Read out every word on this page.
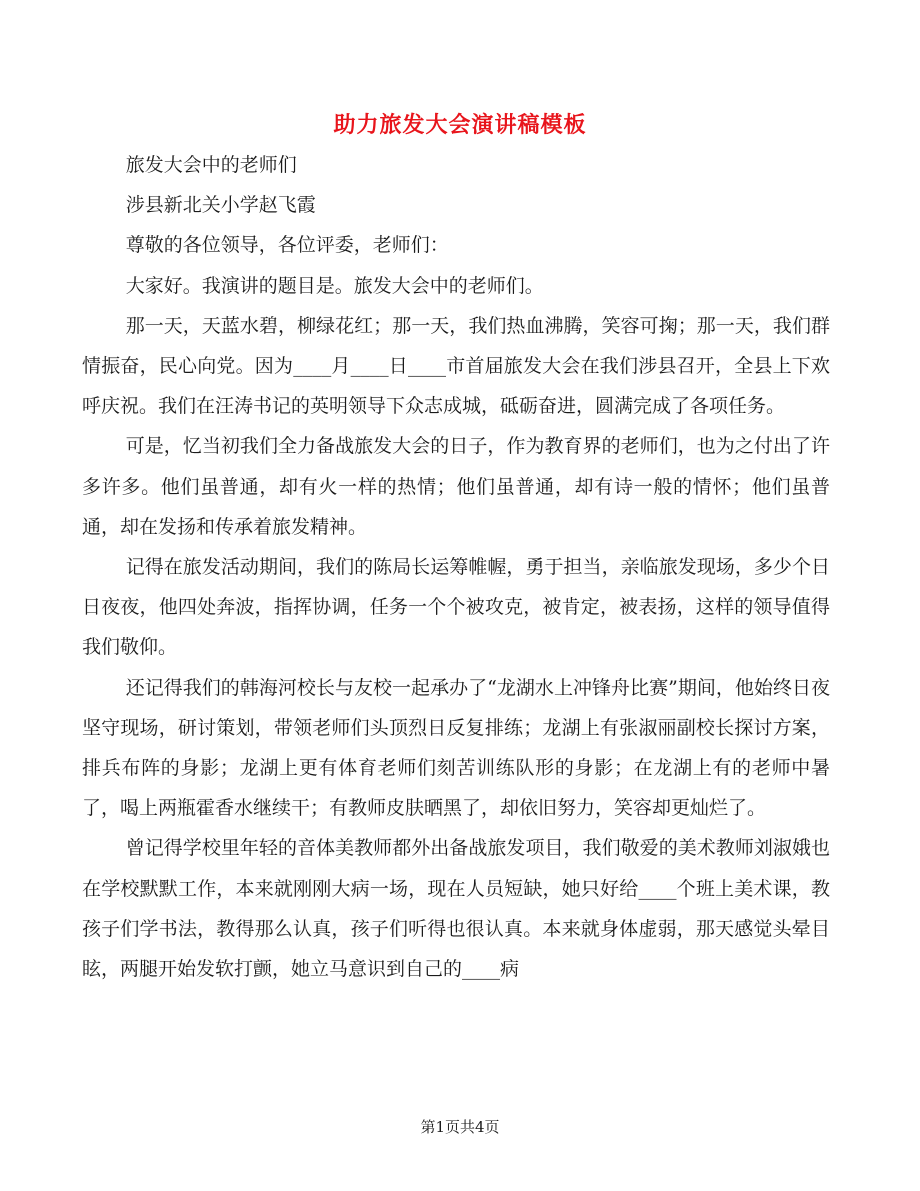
助力旅发大会演讲稿模板

旅发大会中的老师们

涉县新北关小学赵飞霞

尊敬的各位领导，各位评委，老师们：

大家好。我演讲的题目是。旅发大会中的老师们。

那一天，天蓝水碧，柳绿花红；那一天，我们热血沸腾，笑容可掬；那一天，我们群情振奋，民心向党。因为____月____日____市首届旅发大会在我们涉县召开，全县上下欢呼庆祝。我们在汪涛书记的英明领导下众志成城，砥砺奋进，圆满完成了各项任务。

可是，忆当初我们全力备战旅发大会的日子，作为教育界的老师们，也为之付出了许多许多。他们虽普通，却有火一样的热情；他们虽普通，却有诗一般的情怀；他们虽普通，却在发扬和传承着旅发精神。

记得在旅发活动期间，我们的陈局长运筹帷幄，勇于担当，亲临旅发现场，多少个日日夜夜，他四处奔波，指挥协调，任务一个个被攻克，被肯定，被表扬，这样的领导值得我们敬仰。

还记得我们的韩海河校长与友校一起承办了“龙湖水上冲锋舟比赛”期间，他始终日夜坚守现场，研讨策划，带领老师们头顶烈日反复排练；龙湖上有张淑丽副校长探讨方案，排兵布阵的身影；龙湖上更有体育老师们刻苦训练队形的身影；在龙湖上有的老师中暑了，喝上两瓶霍香水继续干；有教师皮肤晒黑了，却依旧努力，笑容却更灿烂了。

曾记得学校里年轻的音体美教师都外出备战旅发项目，我们敬爱的美术教师刘淑娥也在学校默默工作，本来就刚刚大病一场，现在人员短缺，她只好给____个班上美术课，教孩子们学书法，教得那么认真，孩子们听得也很认真。本来就身体虚弱，那天感觉头晕目眩，两腿开始发软打颤，她立马意识到自己的____病

第1页共4页
